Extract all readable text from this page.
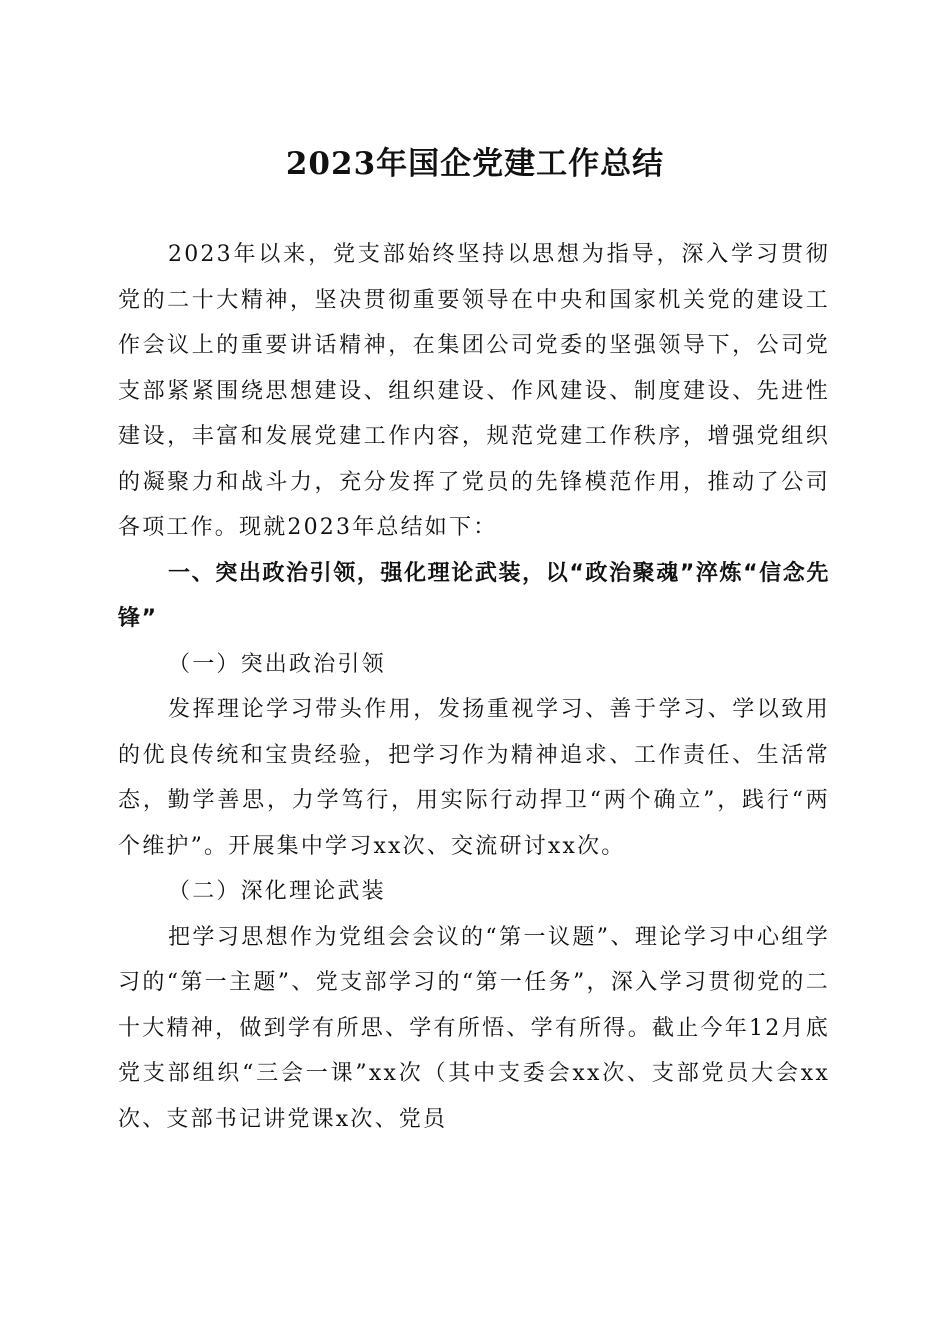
2023年国企党建工作总结

2023年以来，党支部始终坚持以思想为指导，深入学习贯彻党的二十大精神，坚决贯彻重要领导在中央和国家机关党的建设工作会议上的重要讲话精神，在集团公司党委的坚强领导下，公司党支部紧紧围绕思想建设、组织建设、作风建设、制度建设、先进性建设，丰富和发展党建工作内容，规范党建工作秩序，增强党组织的凝聚力和战斗力，充分发挥了党员的先锋模范作用，推动了公司各项工作。现就2023年总结如下：

一、突出政治引领，强化理论武装，以“政治聚魂”淬炼“信念先锋”

（一）突出政治引领

发挥理论学习带头作用，发扬重视学习、善于学习、学以致用的优良传统和宝贵经验，把学习作为精神追求、工作责任、生活常态，勤学善思，力学笃行，用实际行动捍卫“两个确立”，践行“两个维护”。开展集中学习xx次、交流研讨xx次。

（二）深化理论武装

把学习思想作为党组会会议的“第一议题”、理论学习中心组学习的“第一主题”、党支部学习的“第一任务”，深入学习贯彻党的二十大精神，做到学有所思、学有所悟、学有所得。截止今年12月底党支部组织“三会一课”xx次（其中支委会xx次、支部党员大会xx次、支部书记讲党课x次、党员
